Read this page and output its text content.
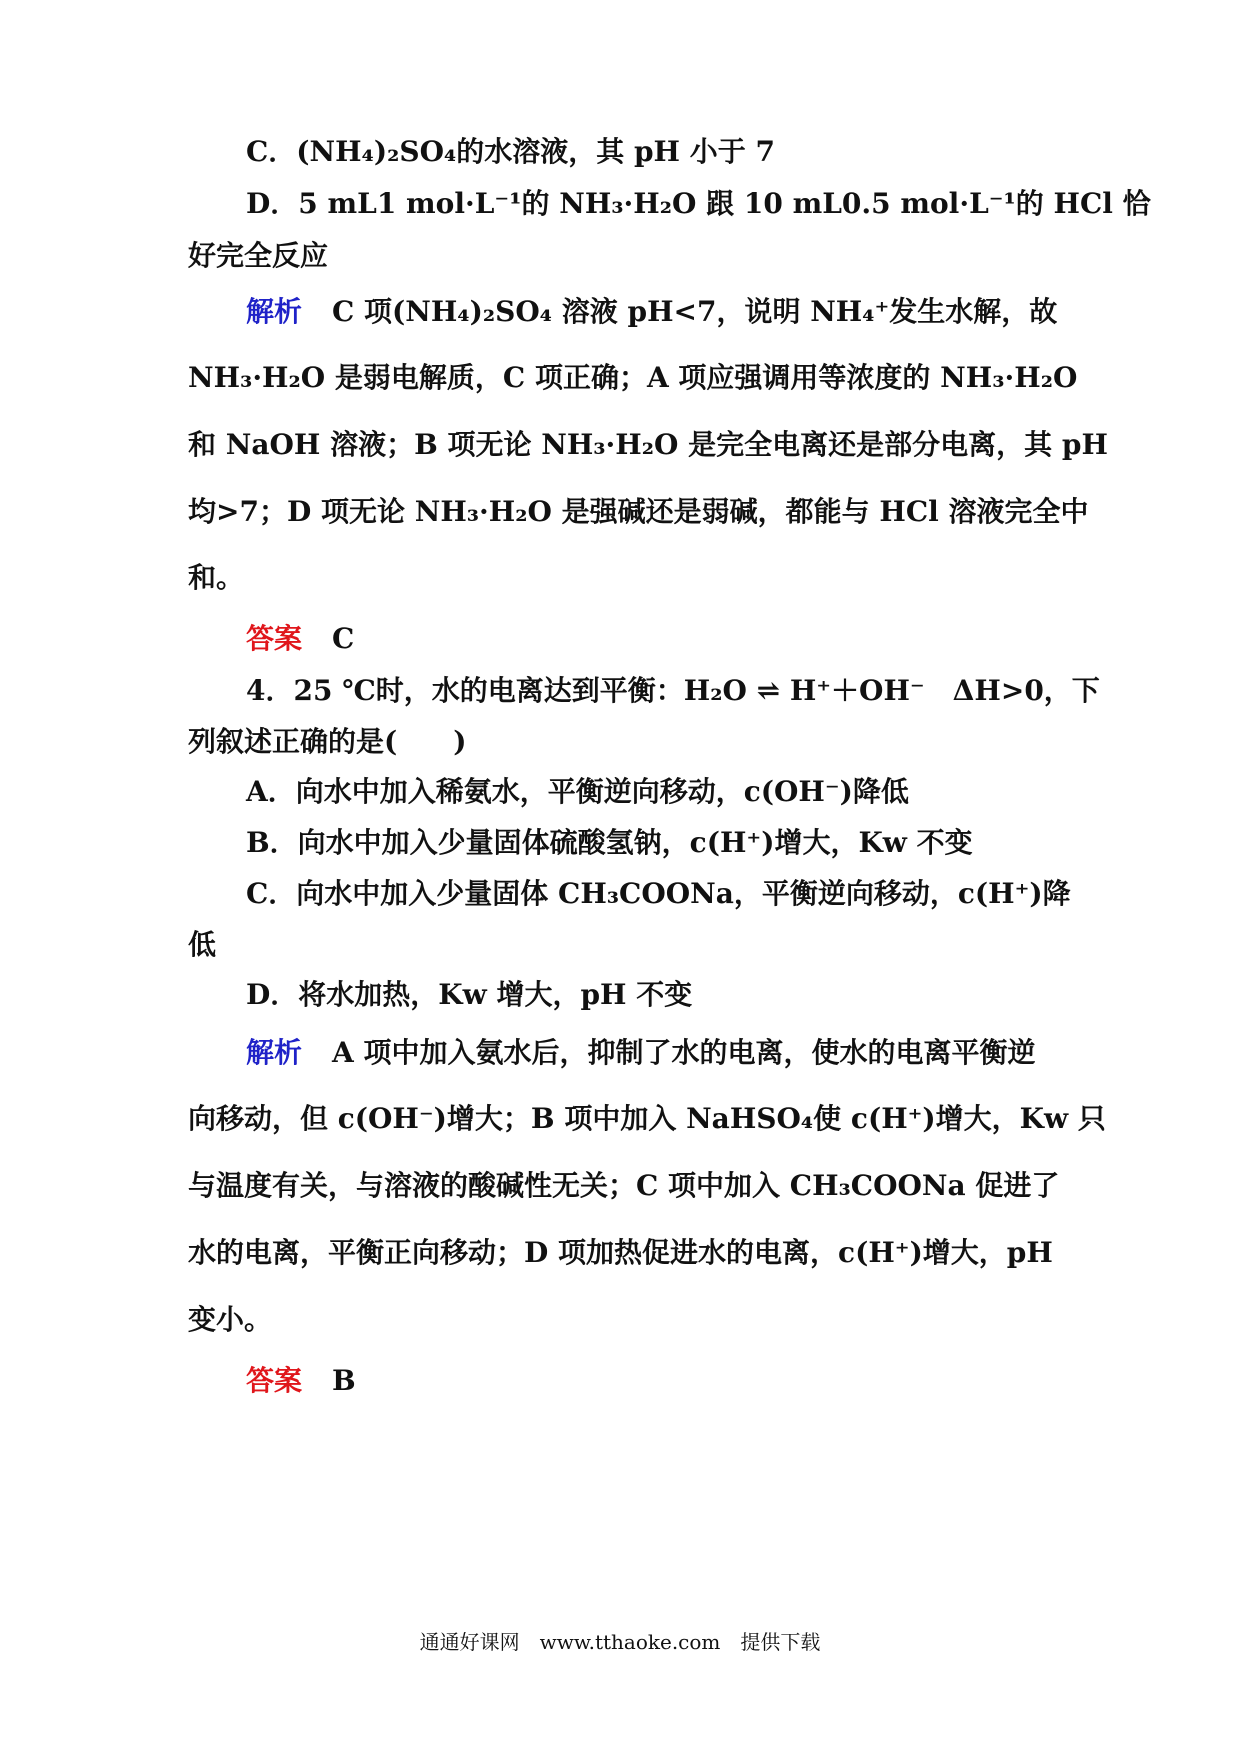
C．(NH₄)₂SO₄的水溶液，其 pH 小于 7
D．5 mL1 mol·L⁻¹的 NH₃·H₂O 跟 10 mL0.5 mol·L⁻¹的 HCl 恰
好完全反应
解析 C 项(NH₄)₂SO₄ 溶液 pH<7，说明 NH₄⁺发生水解，故
NH₃·H₂O 是弱电解质，C 项正确；A 项应强调用等浓度的 NH₃·H₂O
和 NaOH 溶液；B 项无论 NH₃·H₂O 是完全电离还是部分电离，其 pH
均>7；D 项无论 NH₃·H₂O 是强碱还是弱碱，都能与 HCl 溶液完全中
和。
答案 C
4．25 ℃时，水的电离达到平衡：H₂O ⇌ H⁺＋OH⁻　ΔH>0，下
列叙述正确的是(　　)
A．向水中加入稀氨水，平衡逆向移动，c(OH⁻)降低
B．向水中加入少量固体硫酸氢钠，c(H⁺)增大，Kw 不变
C．向水中加入少量固体 CH₃COONa，平衡逆向移动，c(H⁺)降
低
D．将水加热，Kw 增大，pH 不变
解析 A 项中加入氨水后，抑制了水的电离，使水的电离平衡逆
向移动，但 c(OH⁻)增大；B 项中加入 NaHSO₄使 c(H⁺)增大，Kw 只
与温度有关，与溶液的酸碱性无关；C 项中加入 CH₃COONa 促进了
水的电离，平衡正向移动；D 项加热促进水的电离，c(H⁺)增大，pH
变小。
答案 B
通通好课网　www.tthaoke.com　提供下载
